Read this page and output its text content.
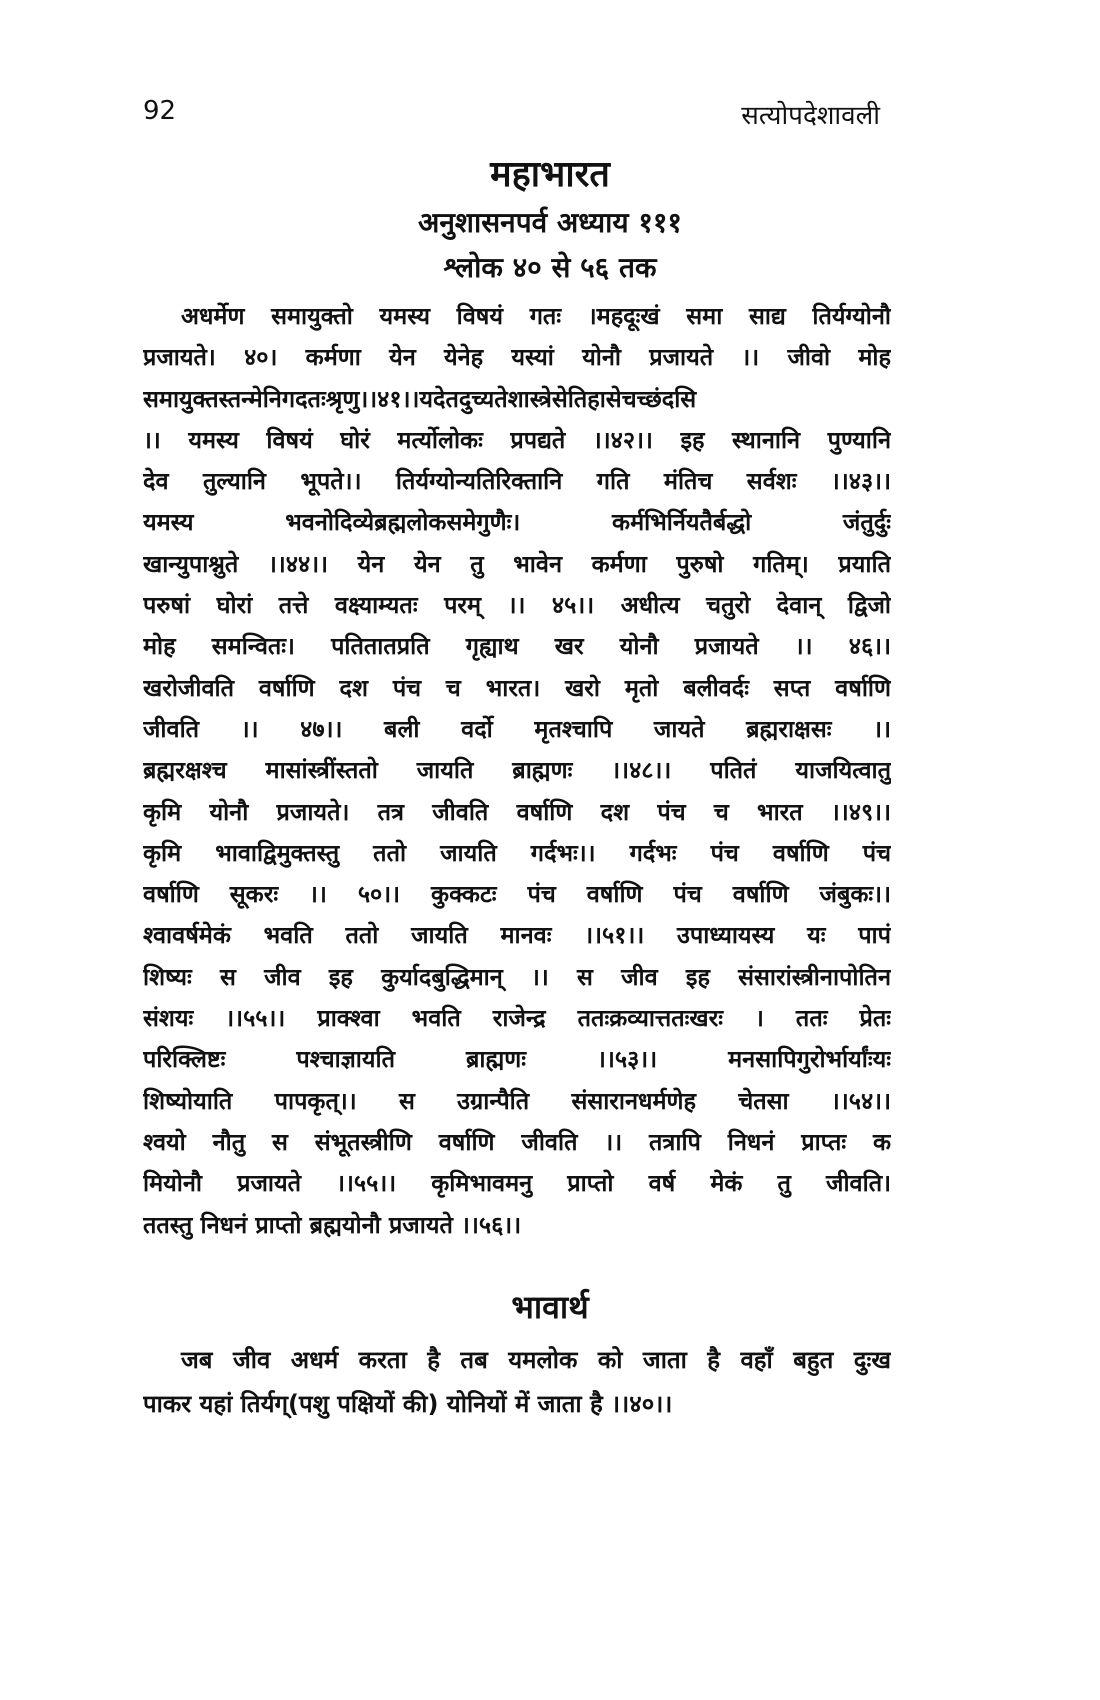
92	सत्योपदेशावली
महाभारत
अनुशासनपर्व अध्याय १११
श्लोक ४० से ५६ तक
अधर्मेण समायुक्तो यमस्य विषयं गतः ।महदूःखं समा साद्य तिर्यग्योनौ
प्रजायते। ४०। कर्मणा येन येनेह यस्यां योनौ प्रजायते ।। जीवो मोह
समायुक्तस्तन्मेनिगदतःश्रृणु।।४१।।यदेतदुच्यतेशास्त्रेसेतिहासेचच्छंदसि
।। यमस्य विषयं घोरं मर्त्योलोकः प्रपद्यते ।।४२।। इह स्थानानि पुण्यानि
देव तुल्यानि भूपते।। तिर्यग्योन्यतिरिक्तानि गति मंतिच सर्वशः ।।४३।।
यमस्य भवनोदिव्येब्रह्मलोकसमेगुणैः। कर्मभिर्नियतैर्बद्धो जंतुर्दुः
खान्युपाश्नुते ।।४४।। येन येन तु भावेन कर्मणा पुरुषो गतिम्। प्रयाति
परुषां घोरां तत्ते वक्ष्याम्यतः परम् ।। ४५।। अधीत्य चतुरो देवान् द्विजो
मोह समन्वितः। पतितातप्रति गृह्याथ खर योनौ प्रजायते ।। ४६।।
खरोजीवति वर्षाणि दश पंच च भारत। खरो मृतो बलीवर्दः सप्त वर्षाणि
जीवति ।। ४७।। बली वर्दो मृतश्चापि जायते ब्रह्मराक्षसः ।।
ब्रह्मरक्षश्च मासांस्त्रींस्ततो जायति ब्राह्मणः ।।४८।। पतितं याजयित्वातु
कृमि योनौ प्रजायते। तत्र जीवति वर्षाणि दश पंच च भारत ।।४९।।
कृमि भावाद्विमुक्तस्तु ततो जायति गर्दभः।। गर्दभः पंच वर्षाणि पंच
वर्षाणि सूकरः ।। ५०।। कुक्कटः पंच वर्षाणि पंच वर्षाणि जंबुकः।।
श्वावर्षमेकं भवति ततो जायति मानवः ।।५१।। उपाध्यायस्य यः पापं
शिष्यः स जीव इह कुर्यादबुद्धिमान् ।। स जीव इह संसारांस्त्रीनापोतिन
संशयः ।।५५।। प्राक्श्वा भवति राजेन्द्र ततःक्रव्यात्ततःखरः । ततः प्रेतः
परिक्लिष्टः पश्चाज्ञायति ब्राह्मणः ।।५३।। मनसापिगुरोर्भार्यांःयः
शिष्योयाति पापकृत्।। स उग्रान्पैति संसारानधर्मणेह चेतसा ।।५४।।
श्वयो नौतु स संभूतस्त्रीणि वर्षाणि जीवति ।। तत्रापि निधनं प्राप्तः क
मियोनौ प्रजायते ।।५५।। कृमिभावमनु प्राप्तो वर्ष मेकं तु जीवति।
ततस्तु निधनं प्राप्तो ब्रह्मयोनौ प्रजायते ।।५६।।
भावार्थ
जब जीव अधर्म करता है तब यमलोक को जाता है वहाँ बहुत दुःख
पाकर यहां तिर्यग्(पशु पक्षियों की) योनियों में जाता है ।।४०।।
